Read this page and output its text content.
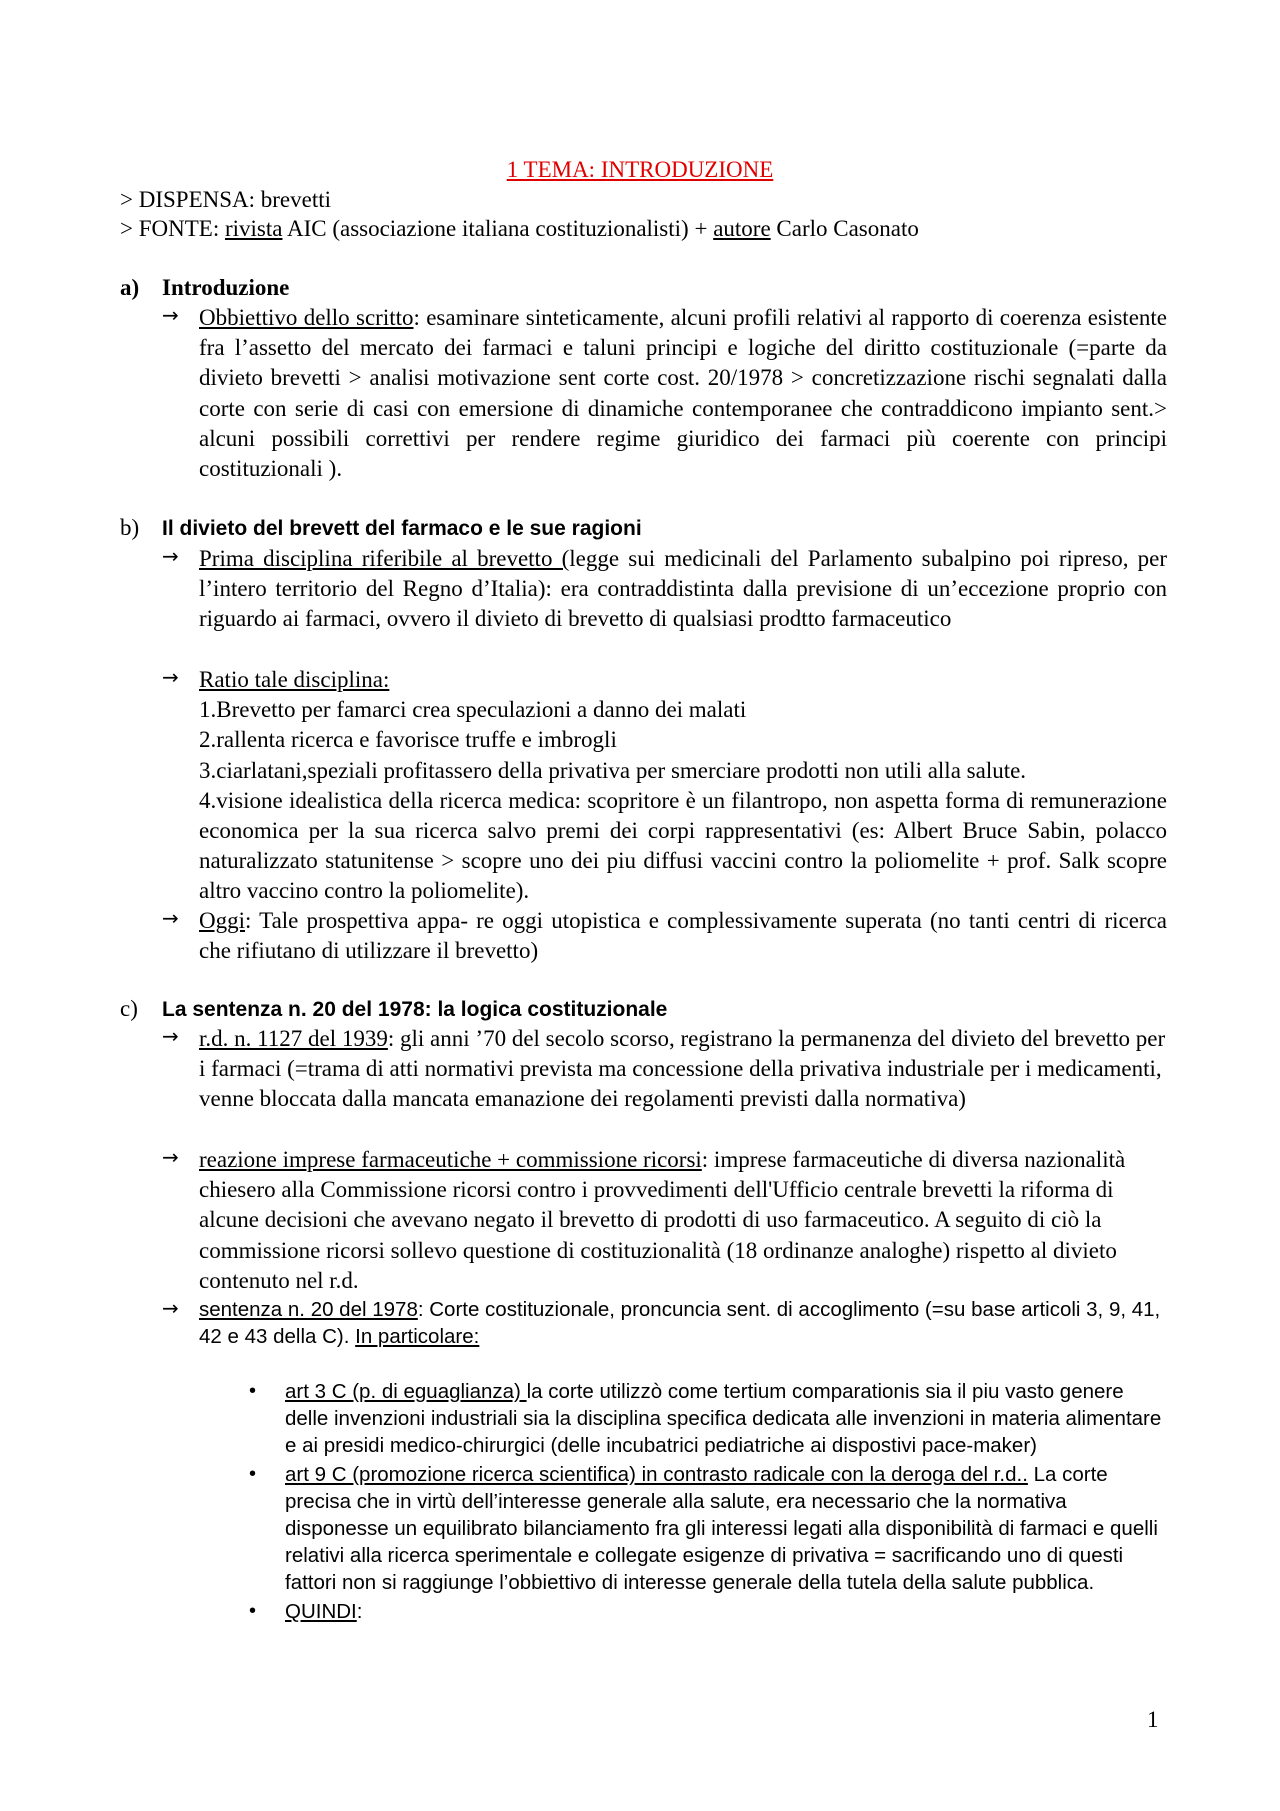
1 TEMA: INTRODUZIONE
> DISPENSA: brevetti
> FONTE: rivista AIC (associazione italiana costituzionalisti) + autore Carlo Casonato
a) Introduzione
→ Obbiettivo dello scritto: esaminare sinteticamente, alcuni profili relativi al rapporto di coerenza esistente fra l’assetto del mercato dei farmaci e taluni principi e logiche del diritto costituzionale (=parte da divieto brevetti > analisi motivazione sent corte cost. 20/1978 > concretizzazione rischi segnalati dalla corte con serie di casi con emersione di dinamiche contemporanee che contraddicono impianto sent.> alcuni possibili correttivi per rendere regime giuridico dei farmaci più coerente con principi costituzionali ).
b) Il divieto del brevett del farmaco e le sue ragioni
→ Prima disciplina riferibile al brevetto (legge sui medicinali del Parlamento subalpino poi ripreso, per l’intero territorio del Regno d’Italia): era contraddistinta dalla previsione di un’eccezione proprio con riguardo ai farmaci, ovvero il divieto di brevetto di qualsiasi prodtto farmaceutico
→ Ratio tale disciplina:
1.Brevetto per famarci crea speculazioni a danno dei malati
2.rallenta ricerca e favorisce truffe e imbrogli
3.ciarlatani,speziali profitassero della privativa per smerciare prodotti non utili alla salute.
4.visione idealistica della ricerca medica: scopritore è un filantropo, non aspetta forma di remunerazione economica per la sua ricerca salvo premi dei corpi rappresentativi (es: Albert Bruce Sabin, polacco naturalizzato statunitense > scopre uno dei piu diffusi vaccini contro la poliomelite + prof. Salk scopre altro vaccino contro la poliomelite).
→ Oggi: Tale prospettiva appa- re oggi utopistica e complessivamente superata (no tanti centri di ricerca che rifiutano di utilizzare il brevetto)
c) La sentenza n. 20 del 1978: la logica costituzionale
→ r.d. n. 1127 del 1939: gli anni ’70 del secolo scorso, registrano la permanenza del divieto del brevetto per i farmaci (=trama di atti normativi prevista ma concessione della privativa industriale per i medicamenti, venne bloccata dalla mancata emanazione dei regolamenti previsti dalla normativa)
→ reazione imprese farmaceutiche + commissione ricorsi: imprese farmaceutiche di diversa nazionalità chiesero alla Commissione ricorsi contro i provvedimenti dell'Ufficio centrale brevetti la riforma di alcune decisioni che avevano negato il brevetto di prodotti di uso farmaceutico. A seguito di ciò la commissione ricorsi sollevo questione di costituzionalità (18 ordinanze analoghe) rispetto al divieto contenuto nel r.d.
→ sentenza n. 20 del 1978: Corte costituzionale, proncuncia sent. di accoglimento (=su base articoli 3, 9, 41, 42 e 43 della C). In particolare:
• art 3 C (p. di eguaglianza) la corte utilizzò come tertium comparationis sia il piu vasto genere delle invenzioni industriali sia la disciplina specifica dedicata alle invenzioni in materia alimentare e ai presidi medico-chirurgici (delle incubatrici pediatriche ai dispostivi pace-maker)
• art 9 C (promozione ricerca scientifica) in contrasto radicale con la deroga del r.d.. La corte precisa che in virtù dell’interesse generale alla salute, era necessario che la normativa disponesse un equilibrato bilanciamento fra gli interessi legati alla disponibilità di farmaci e quelli relativi alla ricerca sperimentale e collegate esigenze di privativa = sacrificando uno di questi fattori non si raggiunge l’obbiettivo di interesse generale della tutela della salute pubblica.
• QUINDI:
1
